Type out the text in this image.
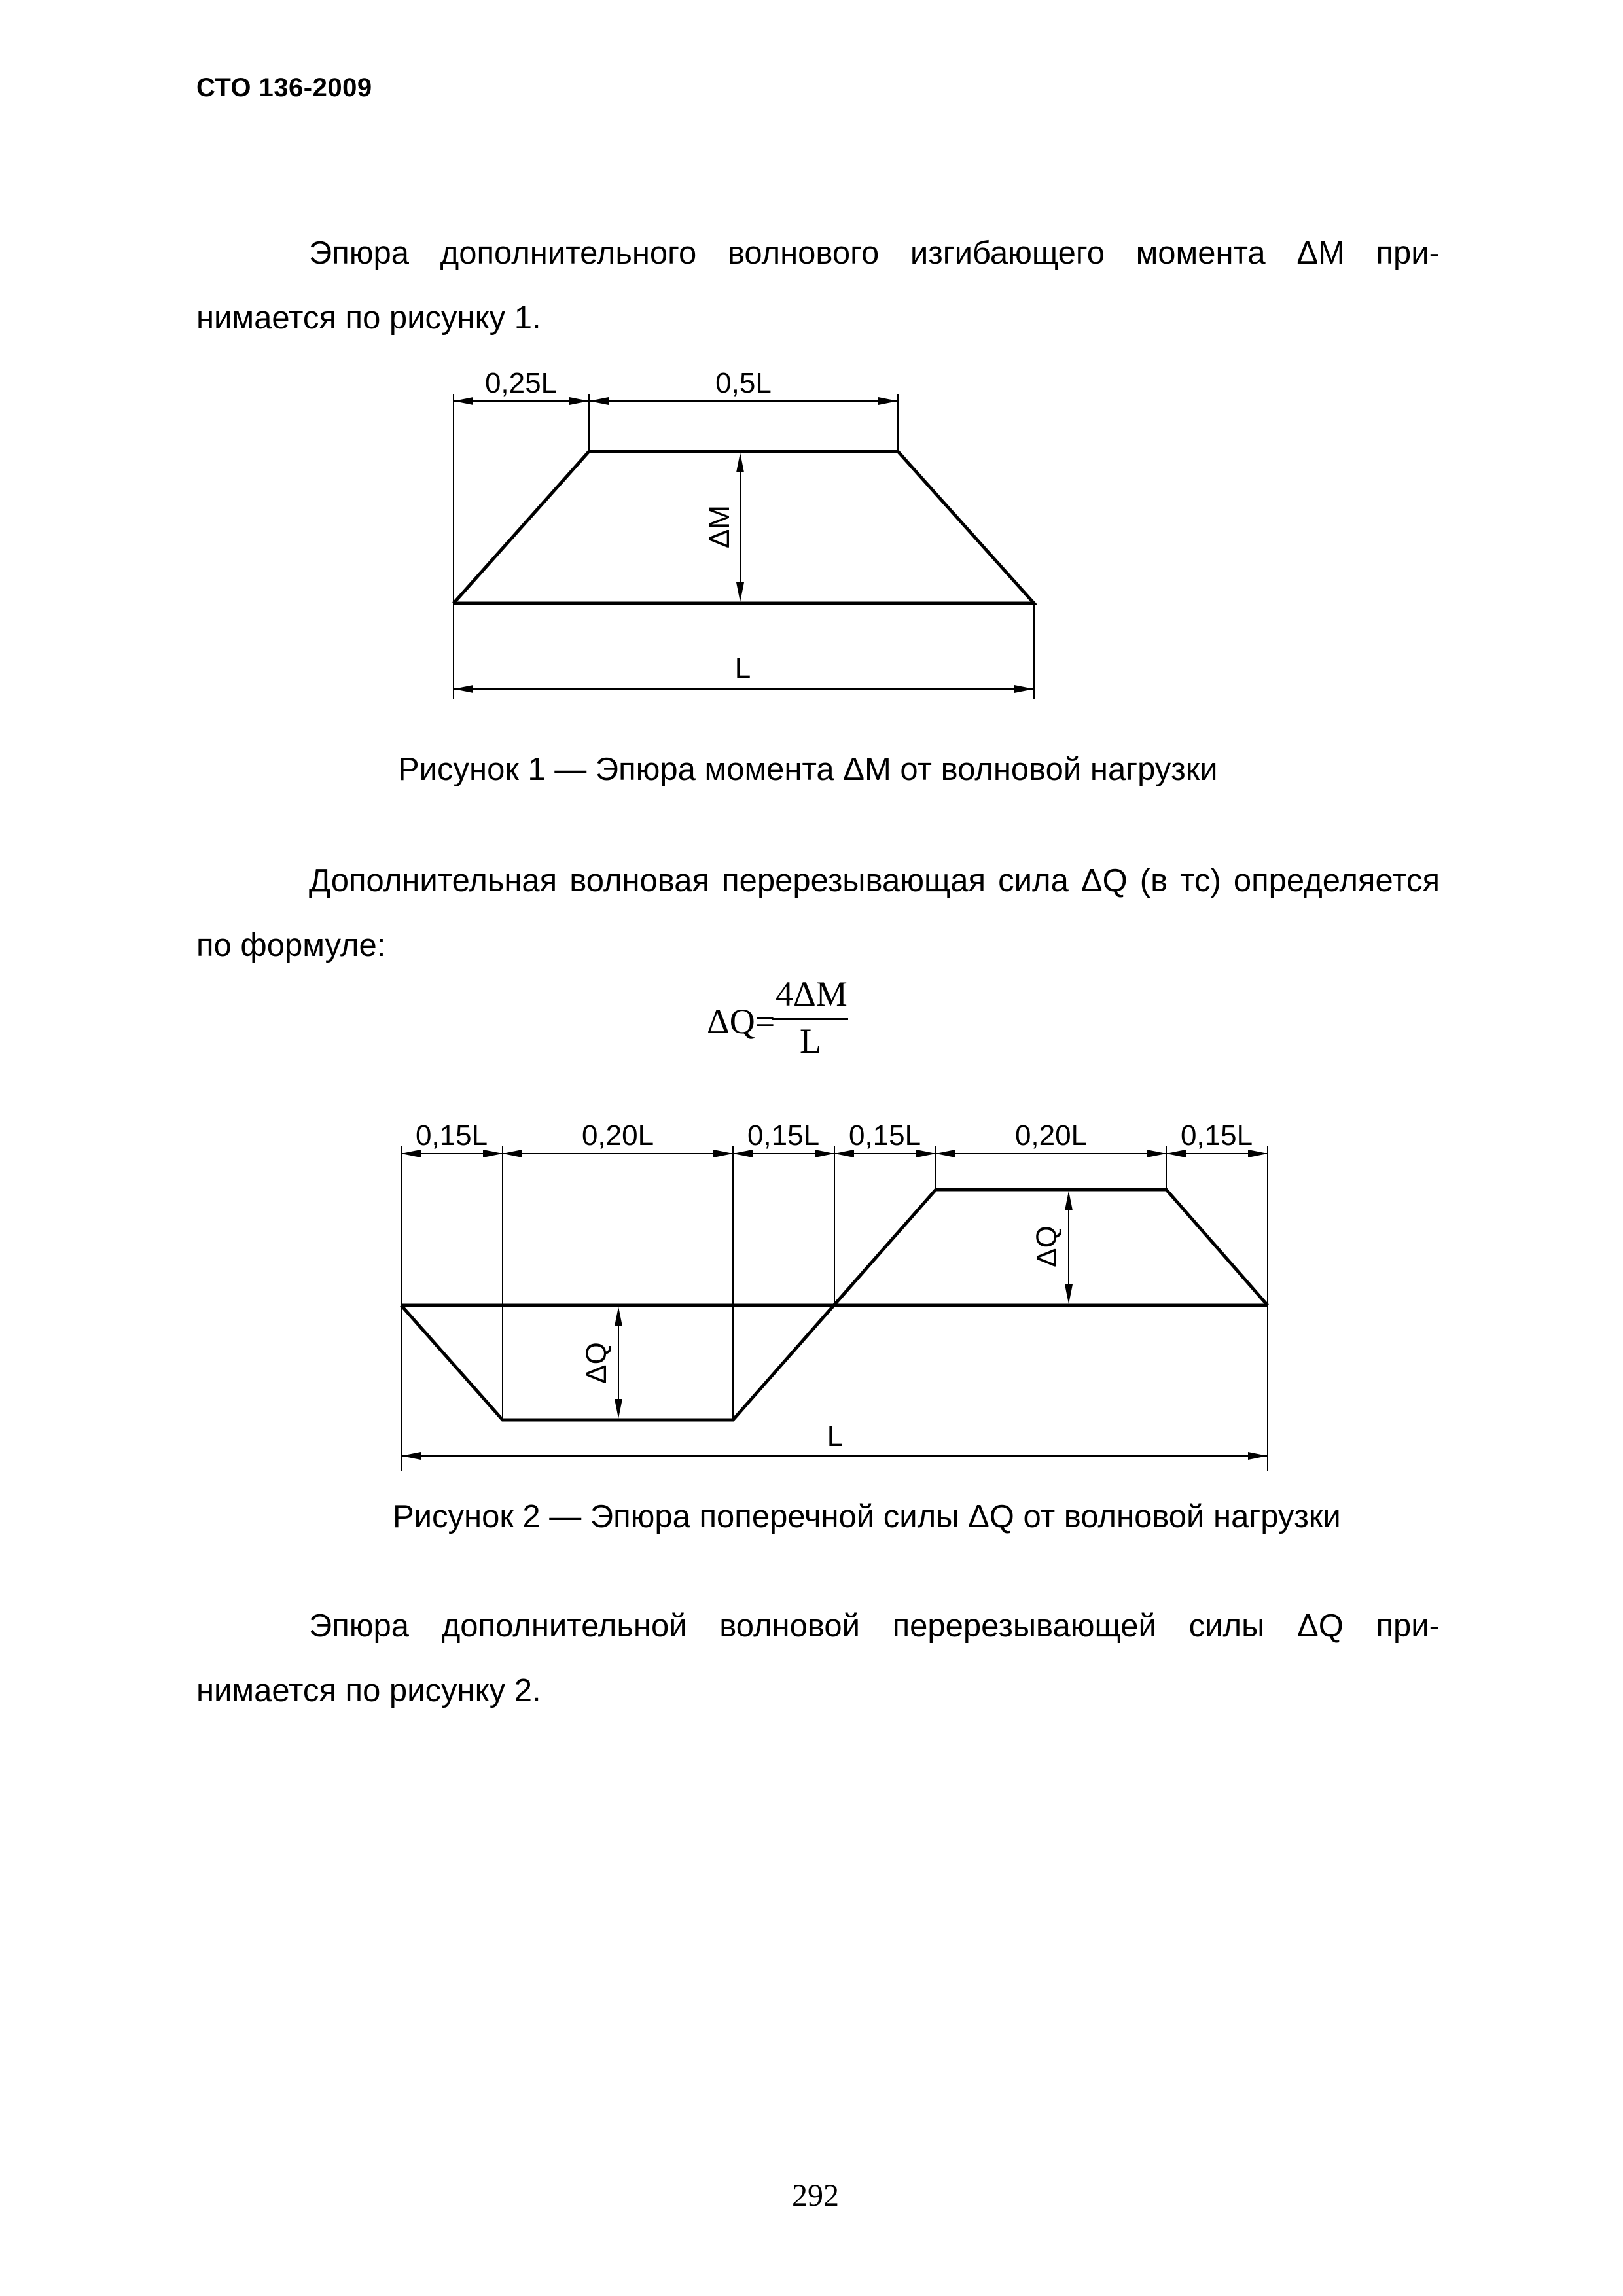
СТО 136-2009
Эпюра дополнительного волнового изгибающего момента ΔМ при-
нимается по рисунку 1.
0,25L	0,5L
ΔМ
L
Рисунок 1 — Эпюра момента ΔМ от волновой нагрузки
Дополнительная волновая перерезывающая сила ΔQ (в тс) определяется
по формуле:
ΔQ=
4ΔM
L
0,15L	0,20L	0,15L 0,15L	0,20L	0,15L
ΔQ
ΔQ
L
Рисунок 2 — Эпюра поперечной силы ΔQ от волновой нагрузки
Эпюра дополнительной волновой перерезывающей силы ΔQ при-
нимается по рисунку 2.
292
